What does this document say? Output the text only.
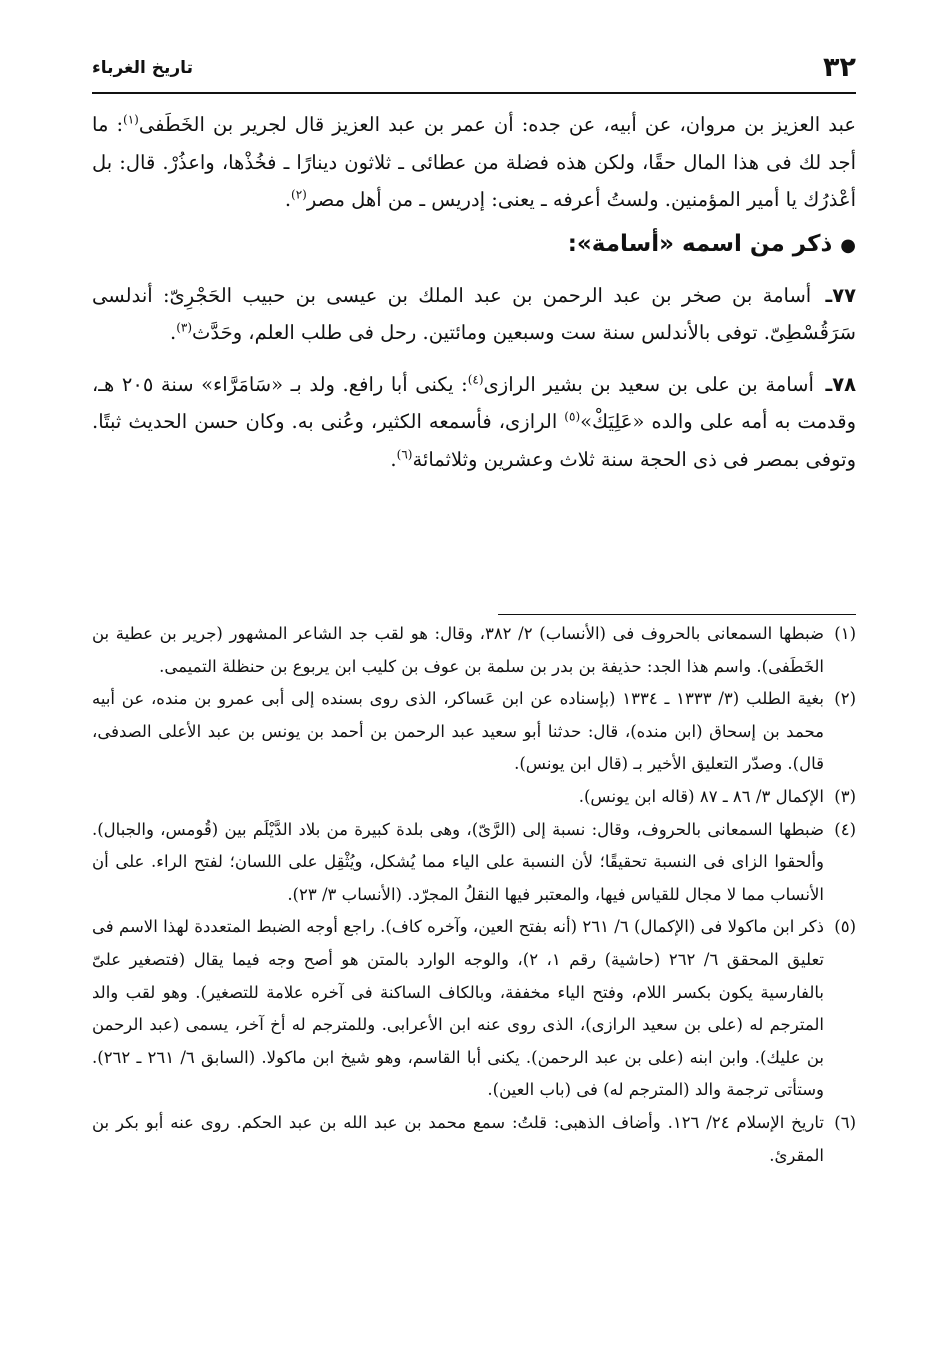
٣٢
تاريخ الغرباء

عبد العزيز بن مروان، عن أبيه، عن جده: أن عمر بن عبد العزيز قال لجرير بن الخَطَفى$^{(١)}$: ما أجد لك فى هذا المال حقًا، ولكن هذه فضلة من عطائى ـ ثلاثون دينارًا ـ فخُذْها، واعذُرْ. قال: بل أعْذرُك يا أمير المؤمنين. ولستُ أعرفه ـ يعنى: إدريس ـ من أهل مصر$^{(٢)}$.

●ذكر من اسمه «أسامة»:

٧٧ـ أسامة بن صخر بن عبد الرحمن بن عبد الملك بن عيسى بن حبيب الحَجْرِىّ: أندلسى سَرَقُسْطِىّ. توفى بالأندلس سنة ست وسبعين ومائتين. رحل فى طلب العلم، وحَدَّث$^{(٣)}$.

٧٨ـ أسامة بن على بن سعيد بن بشير الرازى$^{(٤)}$: يكنى أبا رافع. ولد بـ «سَامَرَّاء» سنة ٢٠٥ هـ، وقدمت به أمه على والده «عَلِيَكْ»$^{(٥)}$ الرازى، فأسمعه الكثير، وعُنى به. وكان حسن الحديث ثبتًا. وتوفى بمصر فى ذى الحجة سنة ثلاث وعشرين وثلاثمائة$^{(٦)}$.

(١)
ضبطها السمعانى بالحروف فى (الأنساب) ٢/ ٣٨٢، وقال: هو لقب جد الشاعر المشهور (جرير بن عطية بن الخَطَفى). واسم هذا الجد: حذيفة بن بدر بن سلمة بن عوف بن كليب ابن يربوع بن حنظلة التميمى.
(٢)
بغية الطلب (٣/ ١٣٣٣ ـ ١٣٣٤ (بإسناده عن ابن عَساكر، الذى روى بسنده إلى أبى عمرو بن منده، عن أبيه محمد بن إسحاق (ابن منده)، قال: حدثنا أبو سعيد عبد الرحمن بن أحمد بن يونس بن عبد الأعلى الصدفى، قال). وصدّر التعليق الأخير بـ (قال ابن يونس).
(٣)
الإكمال ٣/ ٨٦ ـ ٨٧ (قاله ابن يونس).
(٤)
ضبطها السمعانى بالحروف، وقال: نسبة إلى (الرَّىّ)، وهى بلدة كبيرة من بلاد الدَّيْلَم بين (قُومس، والجبال). وألحقوا الزاى فى النسبة تحقيقًا؛ لأن النسبة على الياء مما يُشكل، ويُثْقِل على اللسان؛ لفتح الراء. على أن الأنساب مما لا مجال للقياس فيها، والمعتبر فيها النقلُ المجرّد. (الأنساب ٣/ ٢٣).
(٥)
ذكر ابن ماكولا فى (الإكمال) ٦/ ٢٦١ (أنه بفتح العين، وآخره كاف). راجع أوجه الضبط المتعددة لهذا الاسم فى تعليق المحقق ٦/ ٢٦٢ (حاشية) رقم ١، ٢)، والوجه الوارد بالمتن هو أصح وجه فيما يقال (فتصغير علىّ بالفارسية يكون بكسر اللام، وفتح الياء مخففة، وبالكاف الساكنة فى آخره علامة للتصغير). وهو لقب والد المترجم له (على بن سعيد الرازى)، الذى روى عنه ابن الأعرابى. وللمترجم له أخ آخر، يسمى (عبد الرحمن بن عليك). وابن ابنه (على بن عبد الرحمن). يكنى أبا القاسم، وهو شيخ ابن ماكولا. (السابق ٦/ ٢٦١ ـ ٢٦٢). وستأتى ترجمة والد (المترجم له) فى (باب العين).
(٦)
تاريخ الإسلام ٢٤/ ١٢٦. وأضاف الذهبى: قلتُ: سمع محمد بن عبد الله بن عبد الحكم. روى عنه أبو بكر بن المقرئ.
